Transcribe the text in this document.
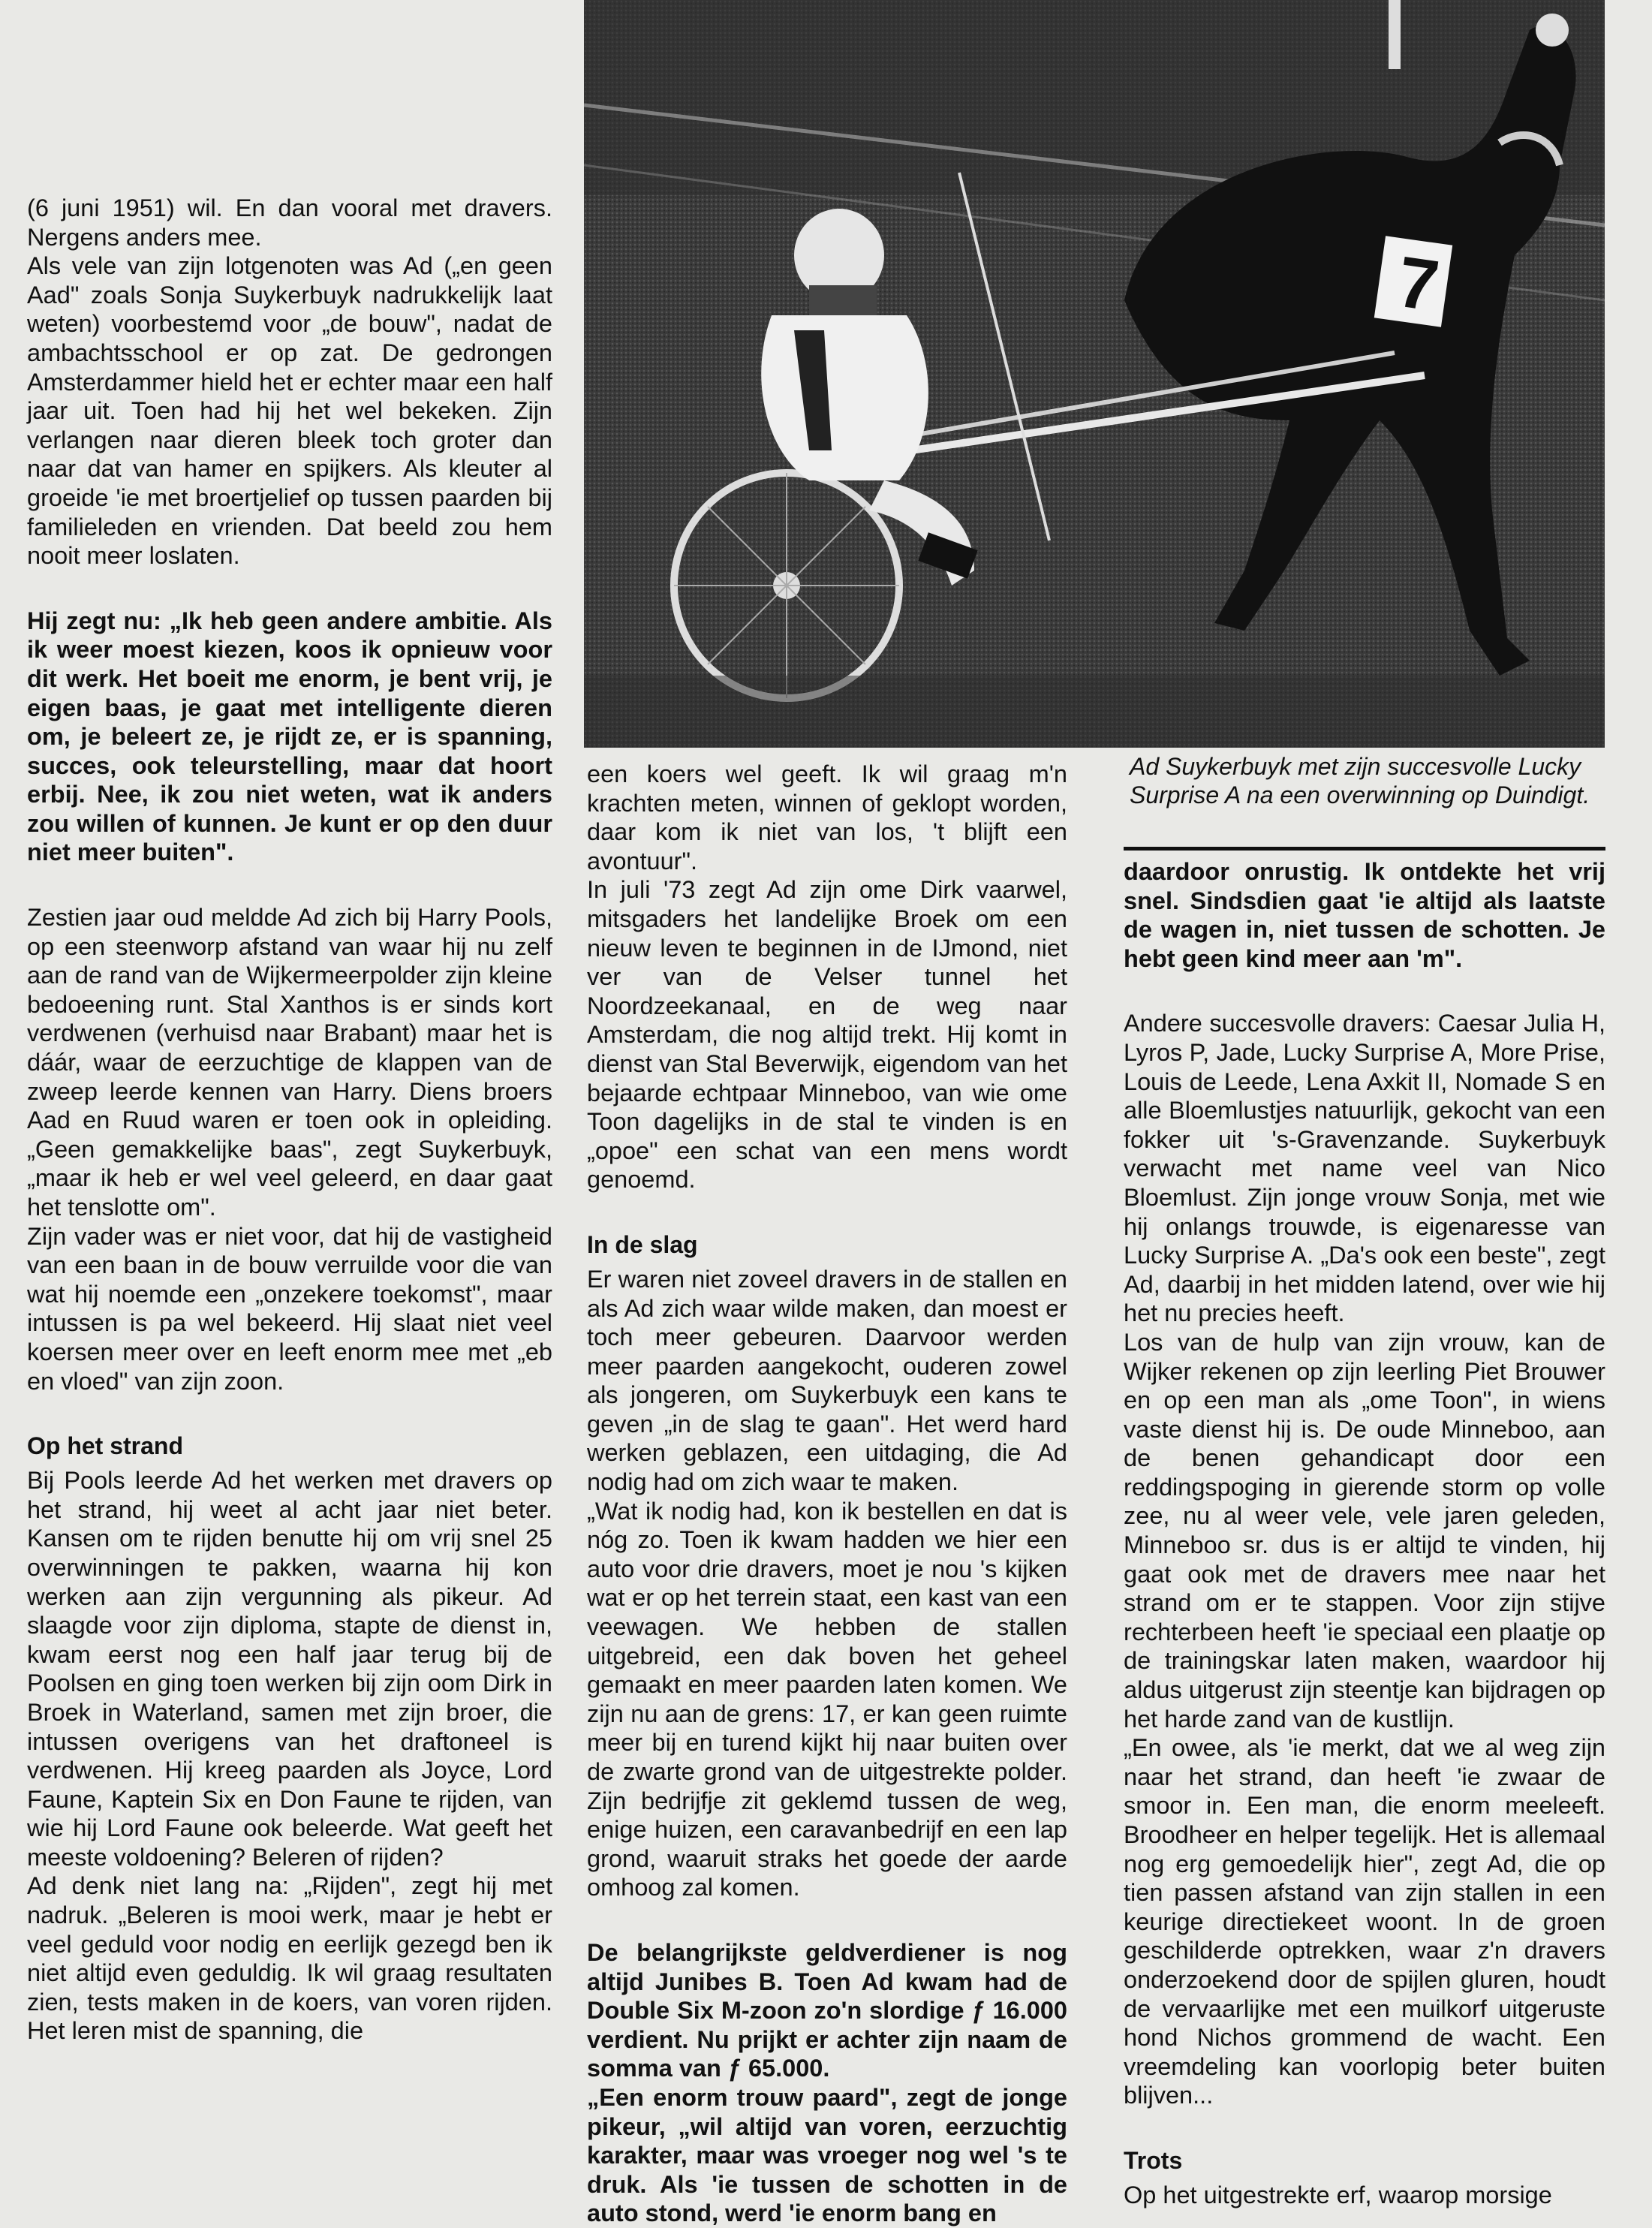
7

(6 juni 1951) wil. En dan vooral met dravers. Nergens anders mee.

Als vele van zijn lotgenoten was Ad („en geen Aad" zoals Sonja Suykerbuyk nadrukkelijk laat weten) voorbestemd voor „de bouw", nadat de ambachtsschool er op zat. De gedrongen Amsterdammer hield het er echter maar een half jaar uit. Toen had hij het wel bekeken. Zijn verlangen naar dieren bleek toch groter dan naar dat van hamer en spijkers. Als kleuter al groeide 'ie met broertjelief op tussen paarden bij familieleden en vrienden. Dat beeld zou hem nooit meer loslaten.

Hij zegt nu: „Ik heb geen andere ambitie. Als ik weer moest kiezen, koos ik opnieuw voor dit werk. Het boeit me enorm, je bent vrij, je eigen baas, je gaat met intelligente dieren om, je beleert ze, je rijdt ze, er is spanning, succes, ook teleurstelling, maar dat hoort erbij. Nee, ik zou niet weten, wat ik anders zou willen of kunnen. Je kunt er op den duur niet meer buiten".

Zestien jaar oud meldde Ad zich bij Harry Pools, op een steenworp afstand van waar hij nu zelf aan de rand van de Wijkermeerpolder zijn kleine bedoeening runt. Stal Xanthos is er sinds kort verdwenen (verhuisd naar Brabant) maar het is dáár, waar de eerzuchtige de klappen van de zweep leerde kennen van Harry. Diens broers Aad en Ruud waren er toen ook in opleiding. „Geen gemakkelijke baas", zegt Suykerbuyk, „maar ik heb er wel veel geleerd, en daar gaat het tenslotte om".

Zijn vader was er niet voor, dat hij de vastigheid van een baan in de bouw verruilde voor die van wat hij noemde een „onzekere toekomst", maar intussen is pa wel bekeerd. Hij slaat niet veel koersen meer over en leeft enorm mee met „eb en vloed" van zijn zoon.

Op het strand

Bij Pools leerde Ad het werken met dravers op het strand, hij weet al acht jaar niet beter. Kansen om te rijden benutte hij om vrij snel 25 overwinningen te pakken, waarna hij kon werken aan zijn vergunning als pikeur. Ad slaagde voor zijn diploma, stapte de dienst in, kwam eerst nog een half jaar terug bij de Poolsen en ging toen werken bij zijn oom Dirk in Broek in Waterland, samen met zijn broer, die intussen overigens van het draftoneel is verdwenen. Hij kreeg paarden als Joyce, Lord Faune, Kaptein Six en Don Faune te rijden, van wie hij Lord Faune ook beleerde. Wat geeft het meeste voldoening? Beleren of rijden?

Ad denk niet lang na: „Rijden", zegt hij met nadruk. „Beleren is mooi werk, maar je hebt er veel geduld voor nodig en eerlijk gezegd ben ik niet altijd even geduldig. Ik wil graag resultaten zien, tests maken in de koers, van voren rijden. Het leren mist de spanning, die

een koers wel geeft. Ik wil graag m'n krachten meten, winnen of geklopt worden, daar kom ik niet van los, 't blijft een avontuur".

In juli '73 zegt Ad zijn ome Dirk vaarwel, mitsgaders het landelijke Broek om een nieuw leven te beginnen in de IJmond, niet ver van de Velser tunnel het Noordzeekanaal, en de weg naar Amsterdam, die nog altijd trekt. Hij komt in dienst van Stal Beverwijk, eigendom van het bejaarde echtpaar Minneboo, van wie ome Toon dagelijks in de stal te vinden is en „opoe" een schat van een mens wordt genoemd.

In de slag

Er waren niet zoveel dravers in de stallen en als Ad zich waar wilde maken, dan moest er toch meer gebeuren. Daarvoor werden meer paarden aangekocht, ouderen zowel als jongeren, om Suykerbuyk een kans te geven „in de slag te gaan". Het werd hard werken geblazen, een uitdaging, die Ad nodig had om zich waar te maken.

„Wat ik nodig had, kon ik bestellen en dat is nóg zo. Toen ik kwam hadden we hier een auto voor drie dravers, moet je nou 's kijken wat er op het terrein staat, een kast van een veewagen. We hebben de stallen uitgebreid, een dak boven het geheel gemaakt en meer paarden laten komen. We zijn nu aan de grens: 17, er kan geen ruimte meer bij en turend kijkt hij naar buiten over de zwarte grond van de uitgestrekte polder. Zijn bedrijfje zit geklemd tussen de weg, enige huizen, een caravanbedrijf en een lap grond, waaruit straks het goede der aarde omhoog zal komen.

De belangrijkste geldverdiener is nog altijd Junibes B. Toen Ad kwam had de Double Six M-zoon zo'n slordige ƒ 16.000 verdient. Nu prijkt er achter zijn naam de somma van ƒ 65.000.

„Een enorm trouw paard", zegt de jonge pikeur, „wil altijd van voren, eerzuchtig karakter, maar was vroeger nog wel 's te druk. Als 'ie tussen de schotten in de auto stond, werd 'ie enorm bang en

Ad Suykerbuyk met zijn succesvolle Lucky Surprise A na een overwinning op Duindigt.

daardoor onrustig. Ik ontdekte het vrij snel. Sindsdien gaat 'ie altijd als laatste de wagen in, niet tussen de schotten. Je hebt geen kind meer aan 'm".

Andere succesvolle dravers: Caesar Julia H, Lyros P, Jade, Lucky Surprise A, More Prise, Louis de Leede, Lena Axkit II, Nomade S en alle Bloemlustjes natuurlijk, gekocht van een fokker uit 's-Gravenzande. Suykerbuyk verwacht met name veel van Nico Bloemlust. Zijn jonge vrouw Sonja, met wie hij onlangs trouwde, is eigenaresse van Lucky Surprise A. „Da's ook een beste", zegt Ad, daarbij in het midden latend, over wie hij het nu precies heeft.

Los van de hulp van zijn vrouw, kan de Wijker rekenen op zijn leerling Piet Brouwer en op een man als „ome Toon", in wiens vaste dienst hij is. De oude Minneboo, aan de benen gehandicapt door een reddingspoging in gierende storm op volle zee, nu al weer vele, vele jaren geleden, Minneboo sr. dus is er altijd te vinden, hij gaat ook met de dravers mee naar het strand om er te stappen. Voor zijn stijve rechterbeen heeft 'ie speciaal een plaatje op de trainingskar laten maken, waardoor hij aldus uitgerust zijn steentje kan bijdragen op het harde zand van de kustlijn.

„En owee, als 'ie merkt, dat we al weg zijn naar het strand, dan heeft 'ie zwaar de smoor in. Een man, die enorm meeleeft. Broodheer en helper tegelijk. Het is allemaal nog erg gemoedelijk hier", zegt Ad, die op tien passen afstand van zijn stallen in een keurige directiekeet woont. In de groen geschilderde optrekken, waar z'n dravers onderzoekend door de spijlen gluren, houdt de vervaarlijke met een muilkorf uitgeruste hond Nichos grommend de wacht. Een vreemdeling kan voorlopig beter buiten blijven...

Trots

Op het uitgestrekte erf, waarop morsige
